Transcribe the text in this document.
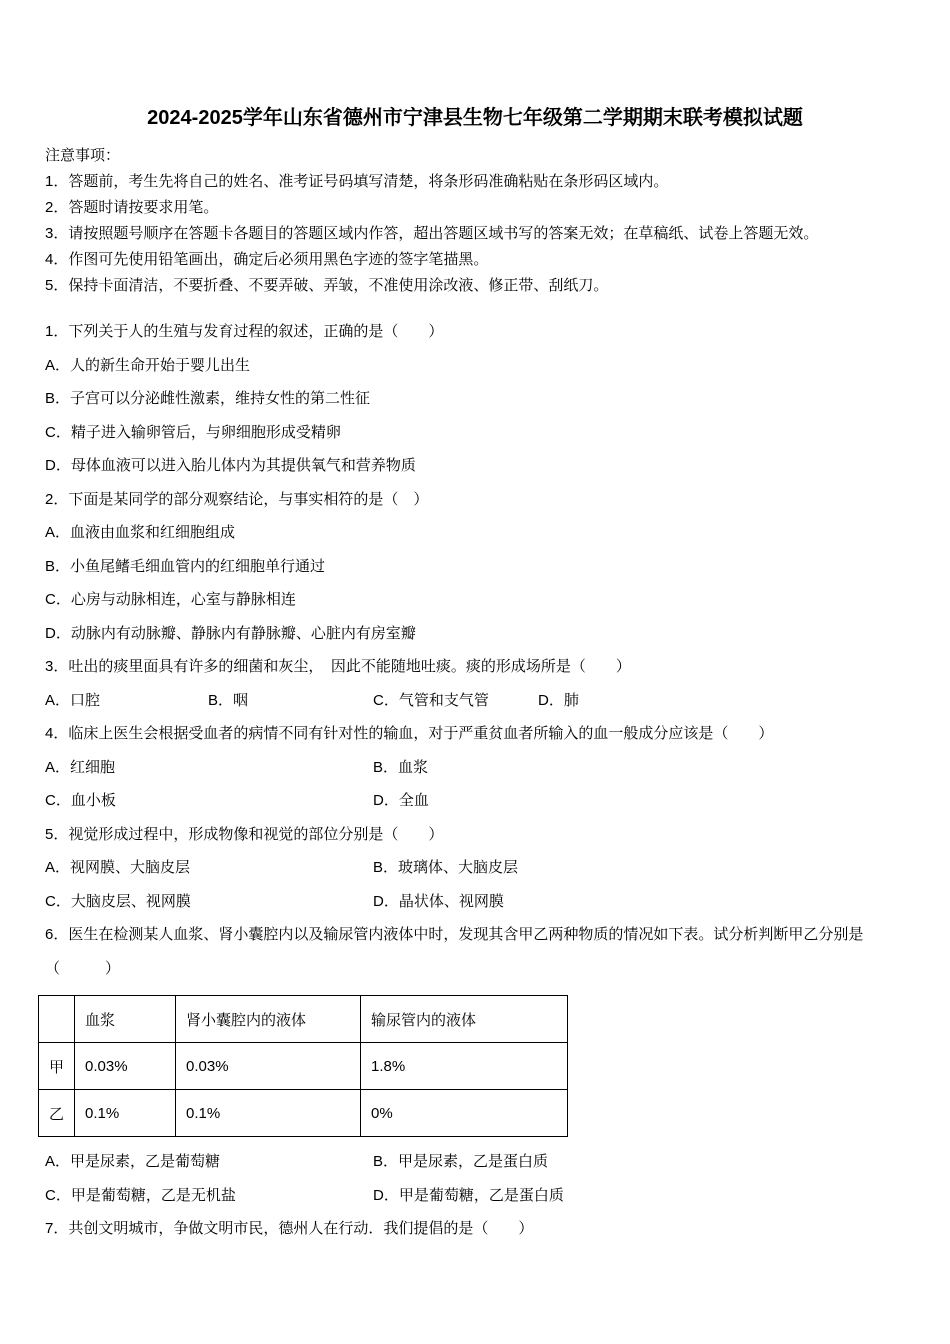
2024-2025学年山东省德州市宁津县生物七年级第二学期期末联考模拟试题
注意事项：
1．答题前，考生先将自己的姓名、准考证号码填写清楚，将条形码准确粘贴在条形码区域内。
2．答题时请按要求用笔。
3．请按照题号顺序在答题卡各题目的答题区域内作答，超出答题区域书写的答案无效；在草稿纸、试卷上答题无效。
4．作图可先使用铅笔画出，确定后必须用黑色字迹的签字笔描黑。
5．保持卡面清洁，不要折叠、不要弄破、弄皱，不准使用涂改液、修正带、刮纸刀。
1．下列关于人的生殖与发育过程的叙述，正确的是（　　）
A．人的新生命开始于婴儿出生
B．子宫可以分泌雌性激素，维持女性的第二性征
C．精子进入输卵管后，与卵细胞形成受精卵
D．母体血液可以进入胎儿体内为其提供氧气和营养物质
2．下面是某同学的部分观察结论，与事实相符的是（　）
A．血液由血浆和红细胞组成
B．小鱼尾鳍毛细血管内的红细胞单行通过
C．心房与动脉相连，心室与静脉相连
D．动脉内有动脉瓣、静脉内有静脉瓣、心脏内有房室瓣
3．吐出的痰里面具有许多的细菌和灰尘，　因此不能随地吐痰。痰的形成场所是（　　）
A．口腔	B．咽	C．气管和支气管	D．肺
4．临床上医生会根据受血者的病情不同有针对性的输血，对于严重贫血者所输入的血一般成分应该是（　　）
A．红细胞	B．血浆
C．血小板	D．全血
5．视觉形成过程中，形成物像和视觉的部位分别是（　　）
A．视网膜、大脑皮层	B．玻璃体、大脑皮层
C．大脑皮层、视网膜	D．晶状体、视网膜
6．医生在检测某人血浆、肾小囊腔内以及输尿管内液体中时，发现其含甲乙两种物质的情况如下表。试分析判断甲乙分别是（　　　）
	血浆	肾小囊腔内的液体	输尿管内的液体
甲	0.03%	0.03%	1.8%
乙	0.1%	0.1%	0%
A．甲是尿素，乙是葡萄糖	B．甲是尿素，乙是蛋白质
C．甲是葡萄糖，乙是无机盐	D．甲是葡萄糖，乙是蛋白质
7．共创文明城市，争做文明市民，德州人在行动．我们提倡的是（　　）
